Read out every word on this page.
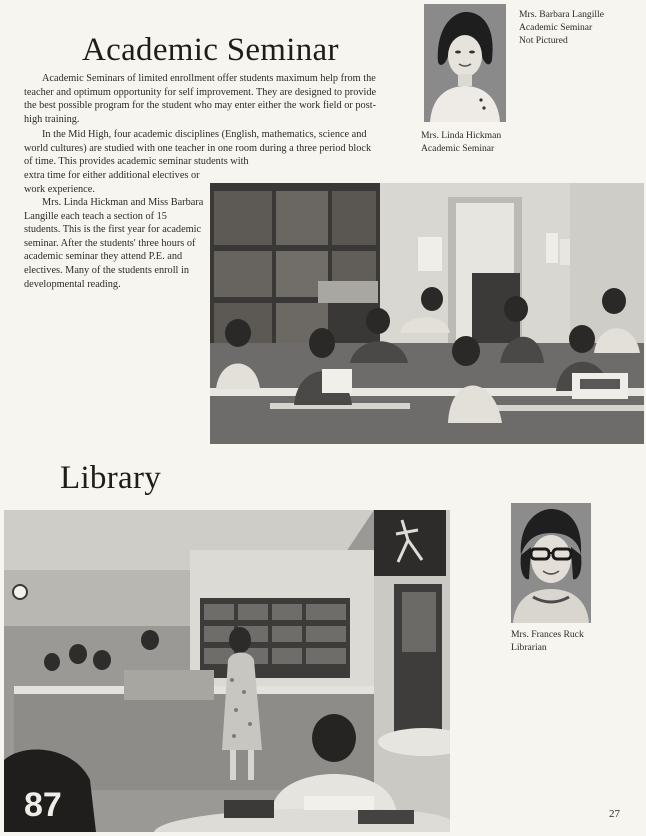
Academic Seminar

Academic Seminars of limited enrollment offer students maximum help from the teacher and optimum opportunity for self improvement. They are designed to provide the best possible program for the student who may enter either the work field or post-high training.

In the Mid High, four academic disciplines (English, mathematics, science and world cultures) are studied with one teacher in one room during a three period block of time. This provides academic seminar students with

extra time for either additional electives or work experience.

Mrs. Linda Hickman and Miss Barbara Langille each teach a section of 15 students. This is the first year for academic seminar. After the students' three hours of academic seminar they attend P.E. and electives. Many of the students enroll in developmental reading.

Mrs. Barbara Langille
Academic Seminar
Not Pictured

Mrs. Linda Hickman
Academic Seminar

Library
87

Mrs. Frances Ruck
Librarian

27
